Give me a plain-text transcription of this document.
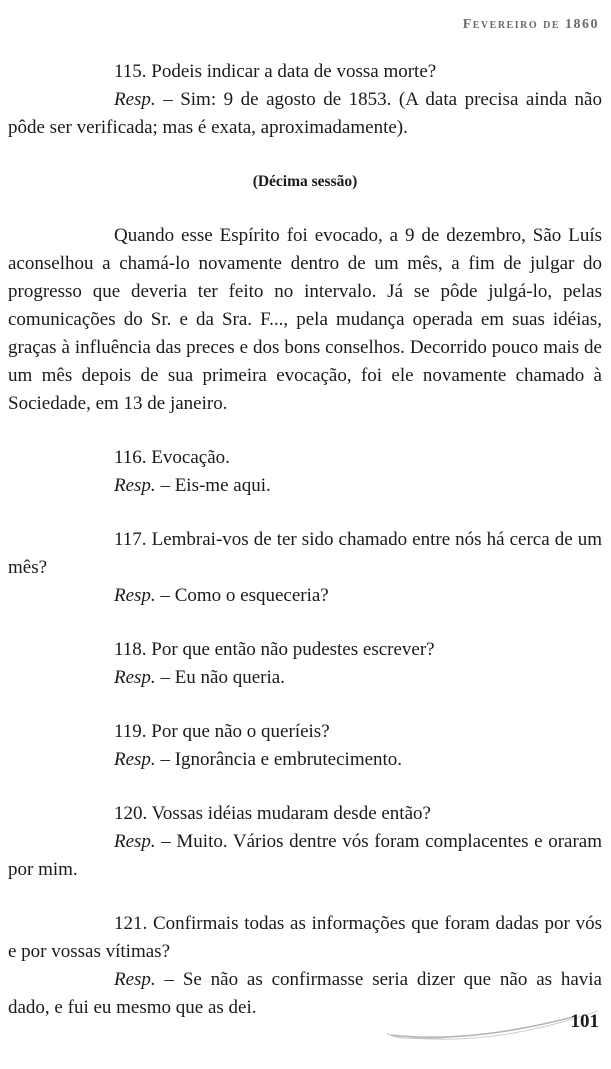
Fevereiro de 1860

115. Podeis indicar a data de vossa morte?

Resp. – Sim: 9 de agosto de 1853. (A data precisa ainda não pôde ser verificada; mas é exata, aproximadamente).

(Décima sessão)

Quando esse Espírito foi evocado, a 9 de dezembro, São Luís aconselhou a chamá-lo novamente dentro de um mês, a fim de julgar do progresso que deveria ter feito no intervalo. Já se pôde julgá-lo, pelas comunicações do Sr. e da Sra. F..., pela mudança operada em suas idéias, graças à influência das preces e dos bons conselhos. Decorrido pouco mais de um mês depois de sua primeira evocação, foi ele novamente chamado à Sociedade, em 13 de janeiro.

116. Evocação.

Resp. – Eis-me aqui.

117. Lembrai-vos de ter sido chamado entre nós há cerca de um mês?

Resp. – Como o esqueceria?

118. Por que então não pudestes escrever?

Resp. – Eu não queria.

119. Por que não o queríeis?

Resp. – Ignorância e embrutecimento.

120. Vossas idéias mudaram desde então?

Resp. – Muito. Vários dentre vós foram complacentes e oraram por mim.

121. Confirmais todas as informações que foram dadas por vós e por vossas vítimas?

Resp. – Se não as confirmasse seria dizer que não as havia dado, e fui eu mesmo que as dei.

101
